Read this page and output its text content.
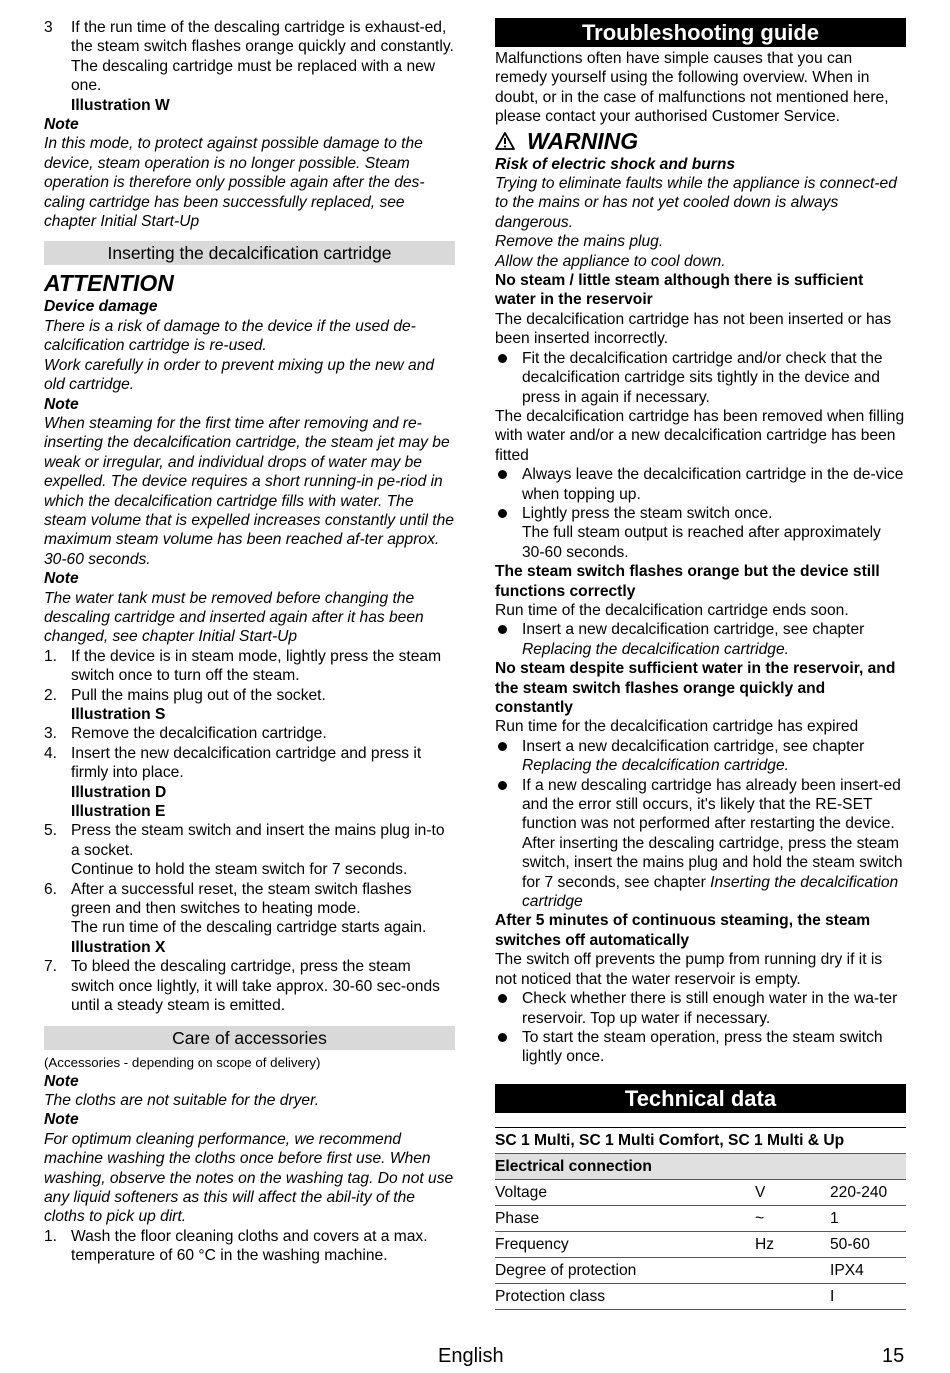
3	If the run time of the descaling cartridge is exhaust-ed, the steam switch flashes orange quickly and constantly.

The descaling cartridge must be replaced with a new one.

Illustration W

Note

In this mode, to protect against possible damage to the device, steam operation is no longer possible. Steam operation is therefore only possible again after the des-caling cartridge has been successfully replaced, see chapter Initial Start-Up

Inserting the decalcification cartridge

ATTENTION

Device damage

There is a risk of damage to the device if the used de-calcification cartridge is re-used.

Work carefully in order to prevent mixing up the new and old cartridge.

Note

When steaming for the first time after removing and re-inserting the decalcification cartridge, the steam jet may be weak or irregular, and individual drops of water may be expelled. The device requires a short running-in pe-riod in which the decalcification cartridge fills with water. The steam volume that is expelled increases constantly until the maximum steam volume has been reached af-ter approx. 30-60 seconds.

Note

The water tank must be removed before changing the descaling cartridge and inserted again after it has been changed, see chapter Initial Start-Up

1. If the device is in steam mode, lightly press the steam switch once to turn off the steam.

2. Pull the mains plug out of the socket.

Illustration S

3. Remove the decalcification cartridge.

4. Insert the new decalcification cartridge and press it firmly into place.

Illustration D

Illustration E

5. Press the steam switch and insert the mains plug in-to a socket.

Continue to hold the steam switch for 7 seconds.

6. After a successful reset, the steam switch flashes green and then switches to heating mode.

The run time of the descaling cartridge starts again.

Illustration X

7. To bleed the descaling cartridge, press the steam switch once lightly, it will take approx. 30-60 sec-onds until a steady steam is emitted.

Care of accessories

(Accessories - depending on scope of delivery)

Note

The cloths are not suitable for the dryer.

Note

For optimum cleaning performance, we recommend machine washing the cloths once before first use. When washing, observe the notes on the washing tag. Do not use any liquid softeners as this will affect the abil-ity of the cloths to pick up dirt.

1. Wash the floor cleaning cloths and covers at a max. temperature of 60 °C in the washing machine.

Troubleshooting guide

Malfunctions often have simple causes that you can remedy yourself using the following overview. When in doubt, or in the case of malfunctions not mentioned here, please contact your authorised Customer Service.

WARNING

Risk of electric shock and burns

Trying to eliminate faults while the appliance is connect-ed to the mains or has not yet cooled down is always dangerous.

Remove the mains plug.

Allow the appliance to cool down.

No steam / little steam although there is sufficient water in the reservoir

The decalcification cartridge has not been inserted or has been inserted incorrectly.

Fit the decalcification cartridge and/or check that the decalcification cartridge sits tightly in the device and press in again if necessary.

The decalcification cartridge has been removed when filling with water and/or a new decalcification cartridge has been fitted

Always leave the decalcification cartridge in the de-vice when topping up.

Lightly press the steam switch once.

The full steam output is reached after approximately 30-60 seconds.

The steam switch flashes orange but the device still functions correctly

Run time of the decalcification cartridge ends soon.

Insert a new decalcification cartridge, see chapter

Replacing the decalcification cartridge.

No steam despite sufficient water in the reservoir, and the steam switch flashes orange quickly and constantly

Run time for the decalcification cartridge has expired

Insert a new decalcification cartridge, see chapter

Replacing the decalcification cartridge.

If a new descaling cartridge has already been insert-ed and the error still occurs, it's likely that the RE-SET function was not performed after restarting the device.

After inserting the descaling cartridge, press the steam switch, insert the mains plug and hold the steam switch for 7 seconds, see chapter Inserting the decalcification cartridge

After 5 minutes of continuous steaming, the steam switches off automatically

The switch off prevents the pump from running dry if it is not noticed that the water reservoir is empty.

Check whether there is still enough water in the wa-ter reservoir. Top up water if necessary.

To start the steam operation, press the steam switch lightly once.

Technical data
SC 1 Multi, SC 1 Multi Comfort, SC 1 Multi & Up		
Electrical connection		
Voltage	V	220-240
Phase	~	1
Frequency	Hz	50-60
Degree of protection		IPX4
Protection class		I
English	15
